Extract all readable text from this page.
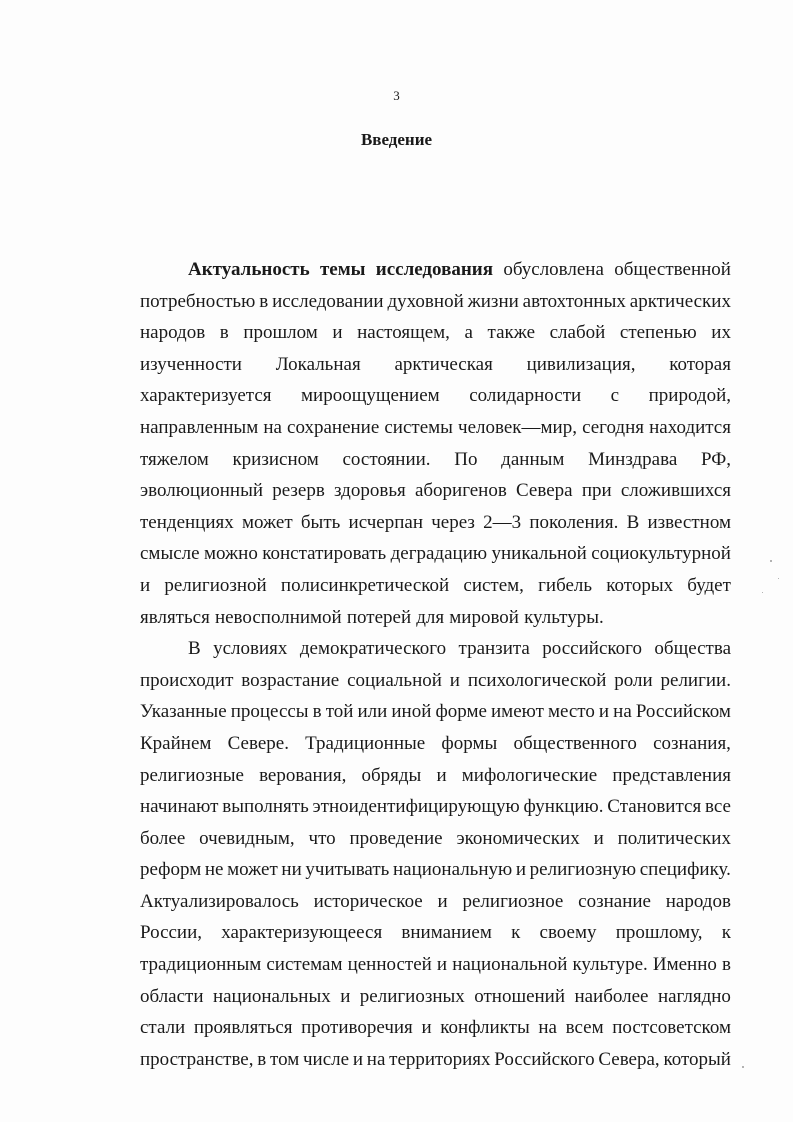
3
Введение
Актуальность темы исследования обусловлена общественной
потребностью в исследовании духовной жизни автохтонных арктических
народов в прошлом и настоящем, а также слабой степенью их
изученности Локальная арктическая цивилизация, которая
характеризуется мироощущением солидарности с природой,
направленным на сохранение системы человек—мир, сегодня находится
тяжелом кризисном состоянии. По данным Минздрава РФ,
эволюционный резерв здоровья аборигенов Севера при сложившихся
тенденциях может быть исчерпан через 2—3 поколения. В известном
смысле можно констатировать деградацию уникальной социокультурной
и религиозной полисинкретической систем, гибель которых будет
являться невосполнимой потерей для мировой культуры.
В условиях демократического транзита российского общества
происходит возрастание социальной и психологической роли религии.
Указанные процессы в той или иной форме имеют место и на Российском
Крайнем Севере. Традиционные формы общественного сознания,
религиозные верования, обряды и мифологические представления
начинают выполнять этноидентифицирующую функцию. Становится все
более очевидным, что проведение экономических и политических
реформ не может ни учитывать национальную и религиозную специфику.
Актуализировалось историческое и религиозное сознание народов
России, характеризующееся вниманием к своему прошлому, к
традиционным системам ценностей и национальной культуре. Именно в
области национальных и религиозных отношений наиболее наглядно
стали проявляться противоречия и конфликты на всем постсоветском
пространстве, в том числе и на территориях Российского Севера, который
